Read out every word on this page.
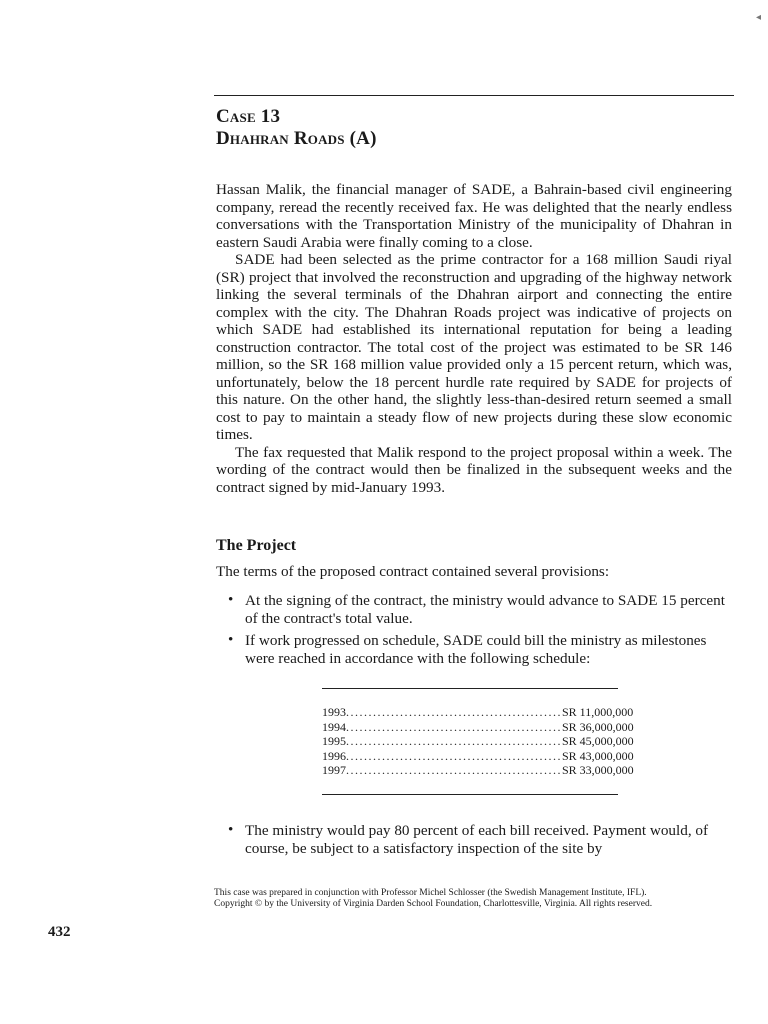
◂
Case 13
Dhahran Roads (A)

Hassan Malik, the financial manager of SADE, a Bahrain-based civil engineering company, reread the recently received fax. He was delighted that the nearly endless conversations with the Transportation Ministry of the municipality of Dhahran in eastern Saudi Arabia were finally coming to a close.

SADE had been selected as the prime contractor for a 168 million Saudi riyal (SR) project that involved the reconstruction and upgrading of the highway network linking the several terminals of the Dhahran airport and connecting the entire complex with the city. The Dhahran Roads project was indicative of projects on which SADE had established its international reputation for being a leading construction contractor. The total cost of the project was estimated to be SR 146 million, so the SR 168 million value provided only a 15 percent return, which was, unfortunately, below the 18 percent hurdle rate required by SADE for projects of this nature. On the other hand, the slightly less-than-desired return seemed a small cost to pay to maintain a steady flow of new projects during these slow economic times.

The fax requested that Malik respond to the project proposal within a week. The wording of the contract would then be finalized in the subsequent weeks and the contract signed by mid-January 1993.

The Project
The terms of the proposed contract contained several provisions:
• At the signing of the contract, the ministry would advance to SADE 15 percent of the contract's total value.
• If work progressed on schedule, SADE could bill the ministry as milestones were reached in accordance with the following schedule:
1993 ................................................ SR 11,000,000
1994 ................................................ SR 36,000,000
1995 ................................................ SR 45,000,000
1996 ................................................ SR 43,000,000
1997 ................................................ SR 33,000,000
• The ministry would pay 80 percent of each bill received. Payment would, of course, be subject to a satisfactory inspection of the site by

This case was prepared in conjunction with Professor Michel Schlosser (the Swedish Management Institute, IFL).

Copyright © by the University of Virginia Darden School Foundation, Charlottesville, Virginia. All rights reserved.

432
